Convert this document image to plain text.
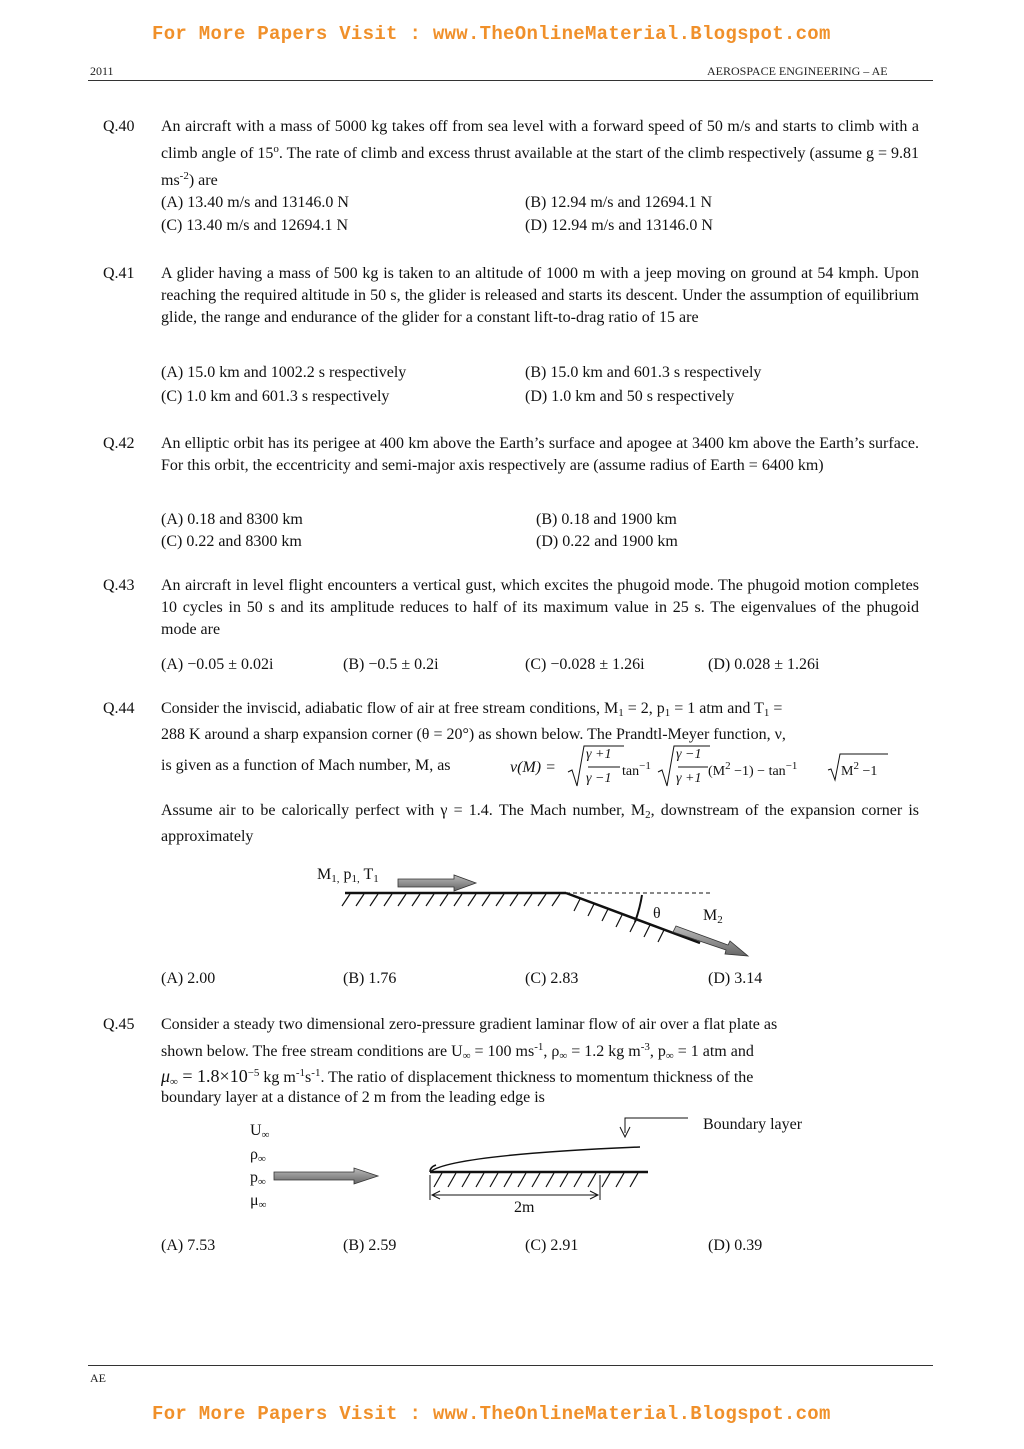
For More Papers Visit : www.TheOnlineMaterial.Blogspot.com
2011	AEROSPACE ENGINEERING – AE
Q.40 An aircraft with a mass of 5000 kg takes off from sea level with a forward speed of 50 m/s and starts to climb with a climb angle of 15$^o$. The rate of climb and excess thrust available at the start of the climb respectively (assume g = 9.81 $ms^{-2}$) are
(A) 13.40 m/s and 13146.0 N	(B) 12.94 m/s and 12694.1 N
(C) 13.40 m/s and 12694.1 N	(D) 12.94 m/s and 13146.0 N
Q.41 A glider having a mass of 500 kg is taken to an altitude of 1000 m with a jeep moving on ground at 54 kmph. Upon reaching the required altitude in 50 s, the glider is released and starts its descent. Under the assumption of equilibrium glide, the range and endurance of the glider for a constant lift-to-drag ratio of 15 are
(A) 15.0 km and 1002.2 s respectively	(B) 15.0 km and 601.3 s respectively
(C) 1.0 km and 601.3 s respectively	(D) 1.0 km and 50 s respectively
Q.42 An elliptic orbit has its perigee at 400 km above the Earth’s surface and apogee at 3400 km above the Earth’s surface. For this orbit, the eccentricity and semi-major axis respectively are (assume radius of Earth = 6400 km)
(A) 0.18 and 8300 km	(B) 0.18 and 1900 km
(C) 0.22 and 8300 km	(D) 0.22 and 1900 km
Q.43 An aircraft in level flight encounters a vertical gust, which excites the phugoid mode. The phugoid motion completes 10 cycles in 50 s and its amplitude reduces to half of its maximum value in 25 s. The eigenvalues of the phugoid mode are
(A) −0.05 ± 0.02i	(B) −0.5 ± 0.2i	(C) −0.028 ± 1.26i	(D) 0.028 ± 1.26i
Q.44 Consider the inviscid, adiabatic flow of air at free stream conditions, $M_1 = 2$, $p_1 = 1$ atm and $T_1$ =
288 K around a sharp expansion corner (θ = 20°) as shown below. The Prandtl-Meyer function, ν,
is given as a function of Mach number, M, as	ν(M) =
γ +1
γ −1 $\tan^{-1}$
γ −1
γ +1 $(M^2 -1) - \tan^{-1}$	$M^2 -1$
Assume air to be calorically perfect with γ = 1.4. The Mach number, $M_2$, downstream of the expansion corner is approximately
$M_{1,}$ $p_{1,}$ $T_1$
θ	$M_2$
(A) 2.00	(B) 1.76	(C) 2.83	(D) 3.14
Q.45 Consider a steady two dimensional zero-pressure gradient laminar flow of air over a flat plate as
shown below. The free stream conditions are $U_\infty = 100$ $ms^{-1}$, $\rho_\infty = 1.2$ kg $m^{-3}$, $p_\infty = 1$ atm and
$\mu_\infty = 1.8\times 10^{-5}$ kg $m^{-1}s^{-1}$. The ratio of displacement thickness to momentum thickness of the
boundary layer at a distance of 2 m from the leading edge is
$U_\infty$
$\rho_\infty$
$p_\infty$
$\mu_\infty$
Boundary layer
2m
(A) 7.53	(B) 2.59	(C) 2.91	(D) 0.39
AE
For More Papers Visit : www.TheOnlineMaterial.Blogspot.com
